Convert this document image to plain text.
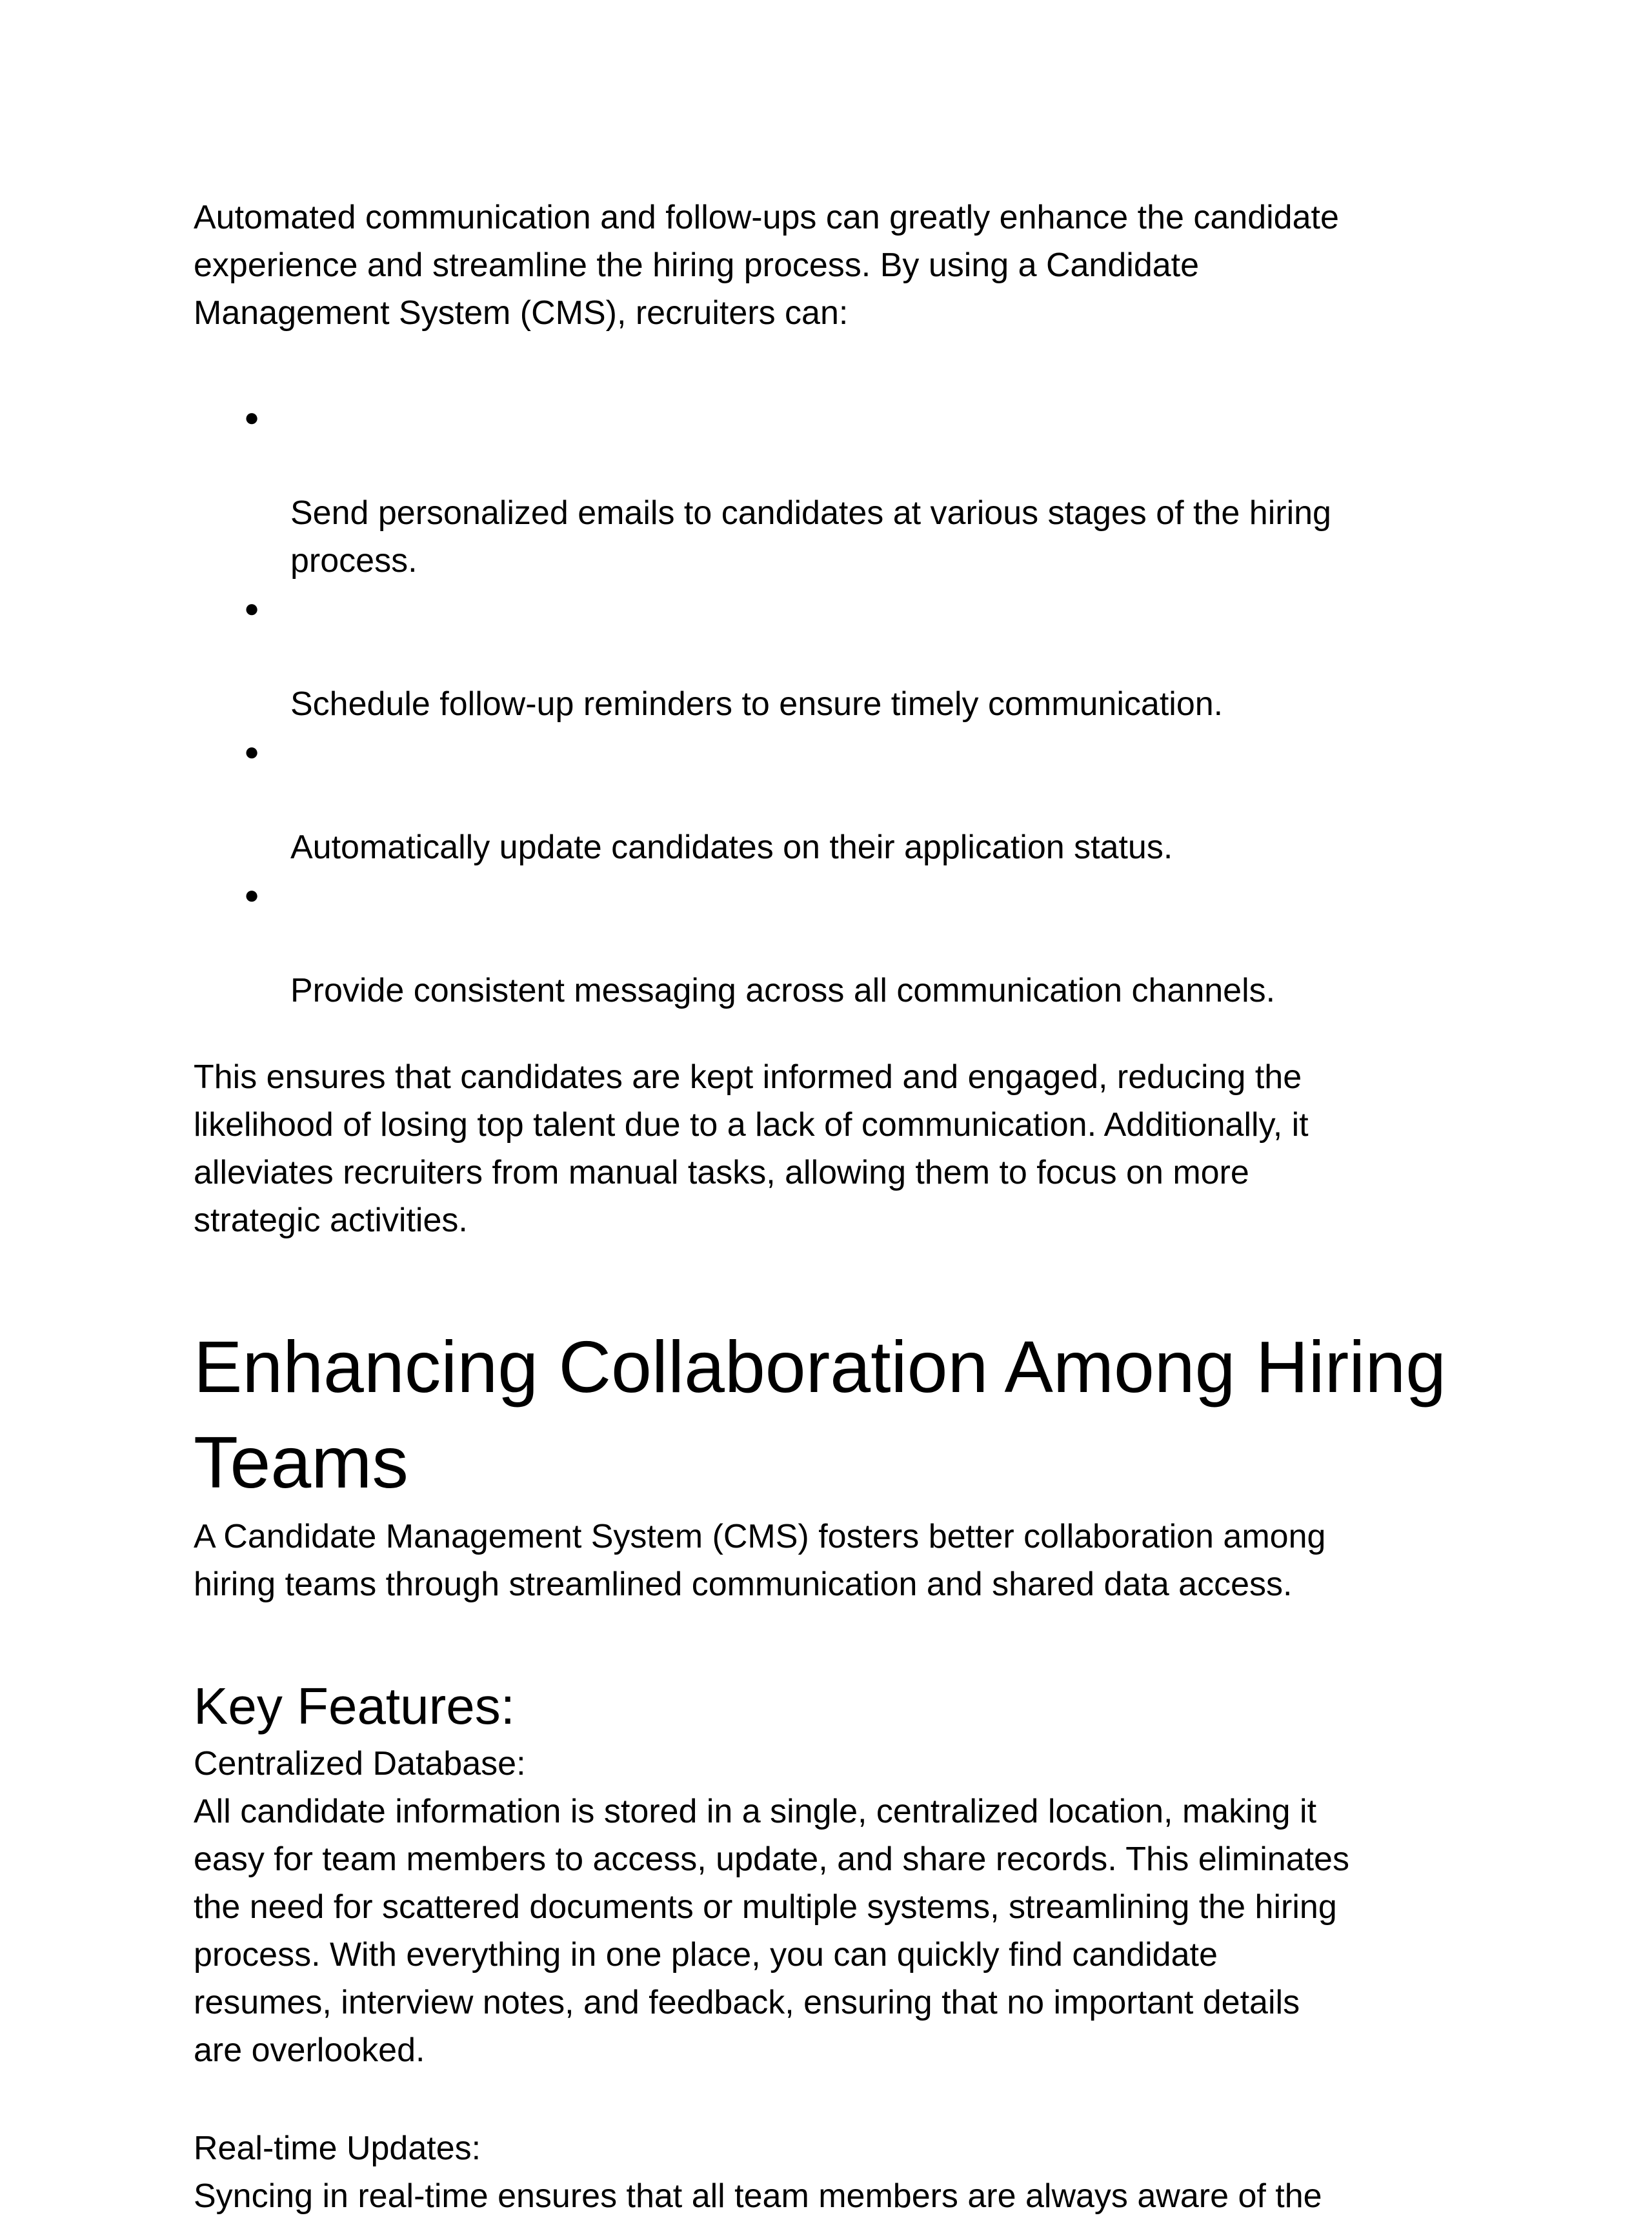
Automated communication and follow-ups can greatly enhance the candidate
experience and streamline the hiring process. By using a Candidate
Management System (CMS), recruiters can:

●

Send personalized emails to candidates at various stages of the hiring
process.

●

Schedule follow-up reminders to ensure timely communication.

●

Automatically update candidates on their application status.

●

Provide consistent messaging across all communication channels.

This ensures that candidates are kept informed and engaged, reducing the
likelihood of losing top talent due to a lack of communication. Additionally, it
alleviates recruiters from manual tasks, allowing them to focus on more
strategic activities.

Enhancing Collaboration Among Hiring
Teams

A Candidate Management System (CMS) fosters better collaboration among
hiring teams through streamlined communication and shared data access.

Key Features:

Centralized Database:

All candidate information is stored in a single, centralized location, making it
easy for team members to access, update, and share records. This eliminates
the need for scattered documents or multiple systems, streamlining the hiring
process. With everything in one place, you can quickly find candidate
resumes, interview notes, and feedback, ensuring that no important details
are overlooked.

Real-time Updates:

Syncing in real-time ensures that all team members are always aware of the
